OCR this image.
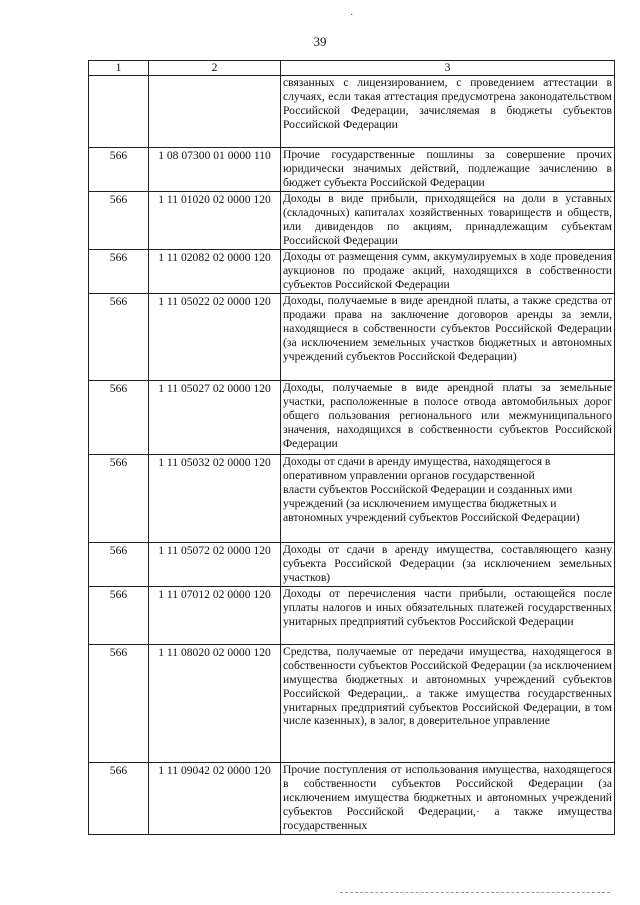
·
39
1	2	3
		связанных с лицензированием, с проведением аттестации в случаях, если такая аттестация предусмотрена законодательством Российской Федерации, зачисляемая в бюджеты субъектов Российской Федерации
566	1 08 07300 01 0000 110	Прочие государственные пошлины за совершение прочих юридически значимых действий, подлежащие зачислению в бюджет субъекта Российской Федерации
566	1 11 01020 02 0000 120	Доходы в виде прибыли, приходящейся на доли в уставных (складочных) капиталах хозяйственных товариществ и обществ, или дивидендов по акциям, принадлежащим субъектам Российской Федерации
566	1 11 02082 02 0000 120	Доходы от размещения сумм, аккумулируемых в ходе проведения аукционов по продаже акций, находящихся в собственности субъектов Российской Федерации
566	1 11 05022 02 0000 120	Доходы, получаемые в виде арендной платы, а также средства от продажи права на заключение договоров аренды за земли, находящиеся в собственности субъектов Российской Федерации (за исключением земельных участков бюджетных и автономных учреждений субъектов Российской Федерации)
566	1 11 05027 02 0000 120	Доходы, получаемые в виде арендной платы за земельные участки, расположенные в полосе отвода автомобильных дорог общего пользования регионального или межмуниципального значения, находящихся в собственности субъектов Российской Федерации
566	1 11 05032 02 0000 120	Доходы от сдачи в аренду имущества, находящегося в
оперативном управлении органов государственной
власти субъектов Российской Федерации и созданных ими
учреждений (за исключением имущества бюджетных и
автономных учреждений субъектов Российской Федерации)

566	1 11 05072 02 0000 120	Доходы от сдачи в аренду имущества, составляющего казну субъекта Российской Федерации (за исключением земельных участков)
566	1 11 07012 02 0000 120	Доходы от перечисления части прибыли, остающейся после уплаты налогов и иных обязательных платежей государственных унитарных предприятий субъектов Российской Федерации
566	1 11 08020 02 0000 120	Средства, получаемые от передачи имущества, находящегося в собственности субъектов Российской Федерации (за исключением имущества бюджетных и автономных учреждений субъектов Российской Федерации,. а также имущества государственных унитарных предприятий субъектов Российской Федерации, в том числе казенных), в залог, в доверительное управление
566	1 11 09042 02 0000 120	Прочие поступления от использования имущества, находящегося в собственности субъектов Российской Федерации (за исключением имущества бюджетных и автономных учреждений субъектов Российской Федерации,· а также имущества государственных
